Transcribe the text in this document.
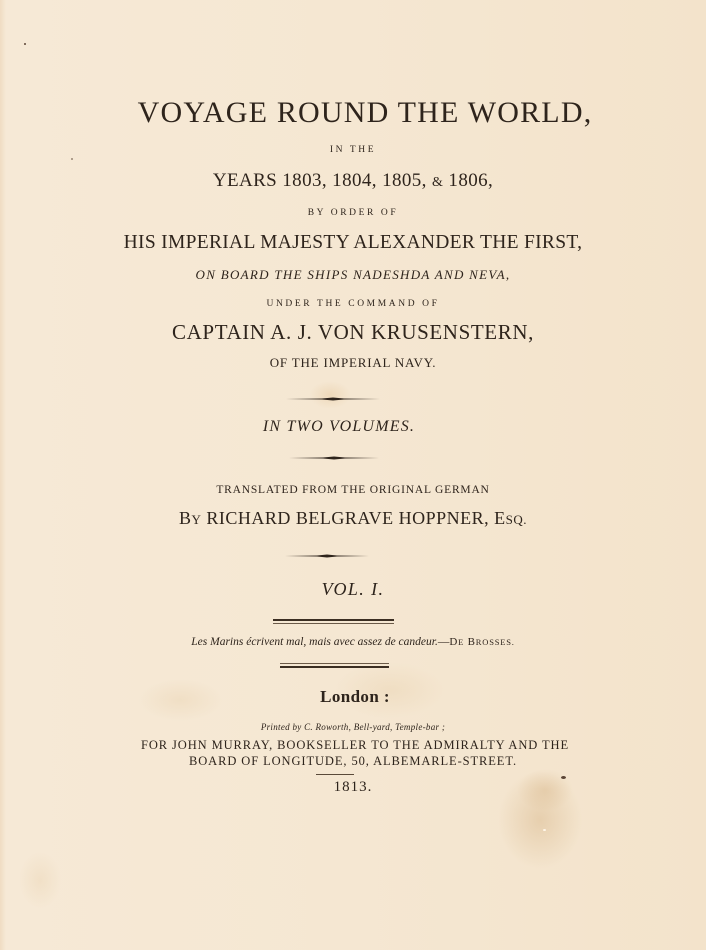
VOYAGE ROUND THE WORLD,
IN THE
YEARS 1803, 1804, 1805, & 1806,
BY ORDER OF
HIS IMPERIAL MAJESTY ALEXANDER THE FIRST,
ON BOARD THE SHIPS NADESHDA AND NEVA,
UNDER THE COMMAND OF
CAPTAIN A. J. VON KRUSENSTERN,
OF THE IMPERIAL NAVY.
IN TWO VOLUMES.
TRANSLATED FROM THE ORIGINAL GERMAN
BY RICHARD BELGRAVE HOPPNER, ESQ.
VOL. I.
Les Marins écrivent mal, mais avec assez de candeur.—DE BROSSES.
London :
Printed by C. Roworth, Bell-yard, Temple-bar ;
FOR JOHN MURRAY, BOOKSELLER TO THE ADMIRALTY AND THE
BOARD OF LONGITUDE, 50, ALBEMARLE-STREET.
1813.
